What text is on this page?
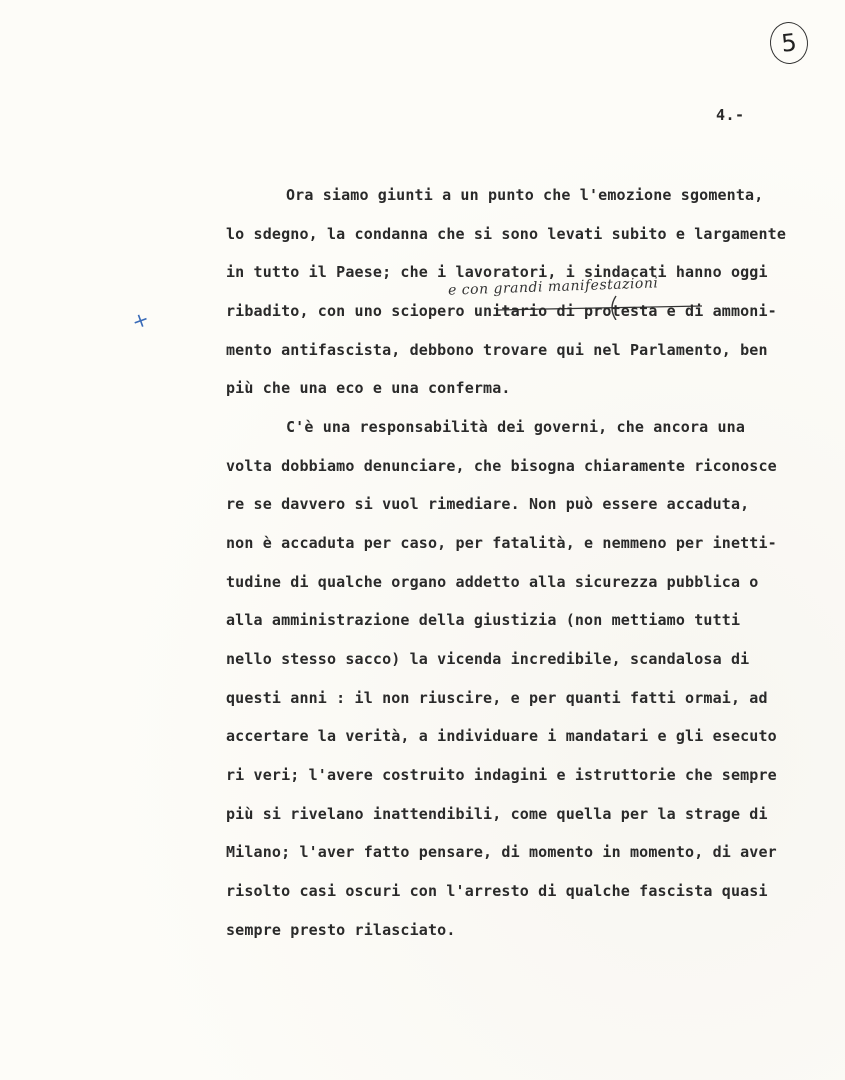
5
4.-
+
e con grandi manifestazioni
Ora siamo giunti a un punto che l'emozione sgomenta,
lo sdegno, la condanna che si sono levati subito e largamente
in tutto il Paese; che i lavoratori, i sindacati hanno oggi
ribadito, con uno sciopero unitario di protesta e di ammoni-
mento antifascista, debbono trovare qui nel Parlamento, ben
più che una eco e una conferma.
C'è una responsabilità dei governi, che ancora una
volta dobbiamo denunciare, che bisogna chiaramente riconosce
re se davvero si vuol rimediare. Non può essere accaduta,
non è accaduta per caso, per fatalità, e nemmeno per inetti-
tudine di qualche organo addetto alla sicurezza pubblica o
alla amministrazione della giustizia (non mettiamo tutti
nello stesso sacco) la vicenda incredibile, scandalosa di
questi anni : il non riuscire, e per quanti fatti ormai, ad
accertare la verità, a individuare i mandatari e gli esecuto
ri veri; l'avere costruito indagini e istruttorie che sempre
più si rivelano inattendibili, come quella per la strage di
Milano; l'aver fatto pensare, di momento in momento, di aver
risolto casi oscuri con l'arresto di qualche fascista quasi
sempre presto rilasciato.
